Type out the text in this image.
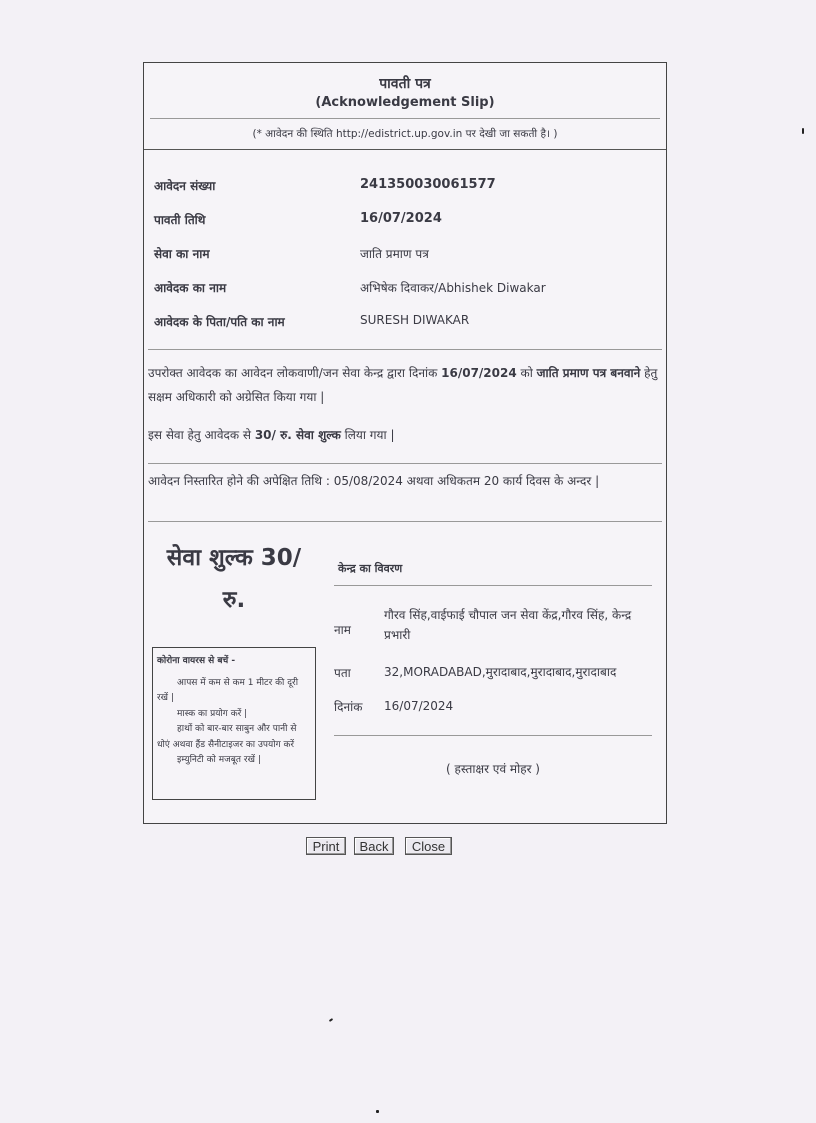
पावती पत्र
(Acknowledgement Slip)
(* आवेदन की स्थिति http://edistrict.up.gov.in पर देखी जा सकती है। )
आवेदन संख्या	241350030061577
पावती तिथि	16/07/2024
सेवा का नाम	जाति प्रमाण पत्र
आवेदक का नाम	अभिषेक दिवाकर/Abhishek Diwakar
आवेदक के पिता/पति का नाम	SURESH DIWAKAR
उपरोक्त आवेदक का आवेदन लोकवाणी/जन सेवा केन्द्र द्वारा दिनांक 16/07/2024 को जाति प्रमाण पत्र बनवाने हेतु सक्षम अधिकारी को अग्रेसित किया गया |
इस सेवा हेतु आवेदक से 30/ रु. सेवा शुल्क लिया गया |
आवेदन निस्तारित होने की अपेक्षित तिथि : 05/08/2024 अथवा अधिकतम 20 कार्य दिवस के अन्दर |
सेवा शुल्क 30/
रु.
कोरोना वायरस से बचें -
आपस में कम से कम 1 मीटर की दूरी रखें |
मास्क का प्रयोग करें |
हाथों को बार-बार साबुन और पानी से धोएं अथवा हैंड सैनीटाइजर का उपयोग करें
इम्युनिटी को मजबूत रखें |
केन्द्र का विवरण
नाम
गौरव सिंह,वाईफाई चौपाल जन सेवा केंद्र,गौरव सिंह, केन्द्र प्रभारी
पता	32,MORADABAD,मुरादाबाद,मुरादाबाद,मुरादाबाद
दिनांक 16/07/2024
( हस्ताक्षर एवं मोहर )
Print	Back	Close
